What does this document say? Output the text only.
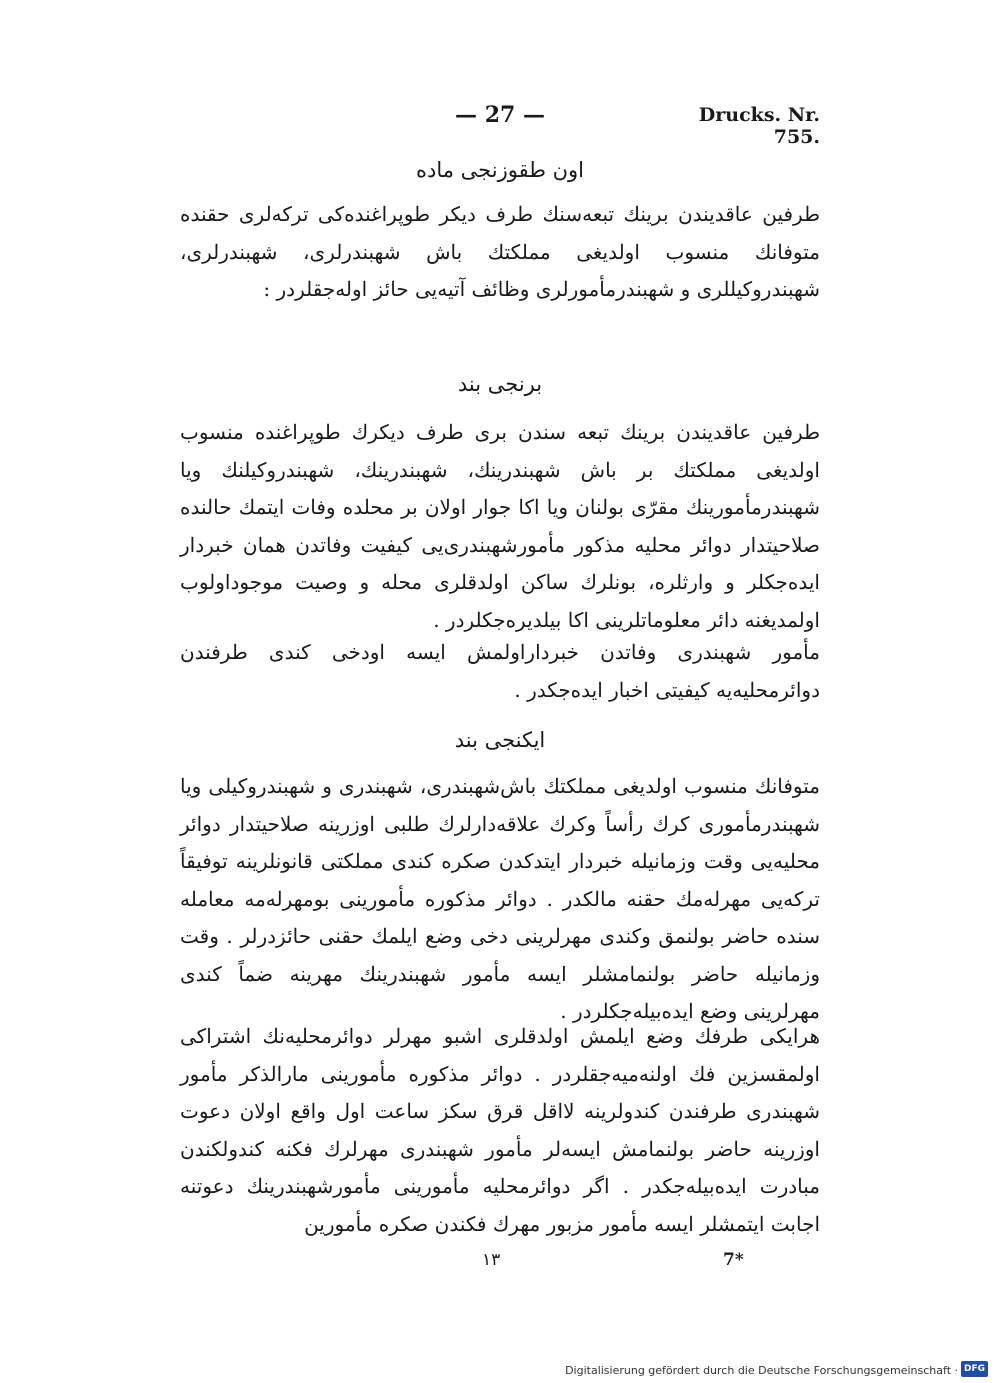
— 27 —	Drucks. Nr. 755.
اون طقوزنجی ماده
طرفین عاقدیندن برینك تبعه‌سنك طرف دیكر طوپراغنده‌كی تركه‌لری حقنده متوفانك منسوب اولدیغی مملكتك باش شهبندرلری، شهبندرلری، شهبندروكیللری و شهبندرمأمورلری وظائف آتیه‌یی حائز اوله‌جقلردر :
برنجی بند
طرفین عاقدیندن برینك تبعه سندن بری طرف دیكرك طوپراغنده منسوب اولدیغی مملكتك بر باش شهبندرینك، شهبندرینك، شهبندروكیلنك ویا شهبندرمأمورینك مقرّی بولنان ویا اكا جوار اولان بر محلده وفات ایتمك حالنده صلاحیتدار دوائر محلیه مذكور مأمورشهبندری‌یی كیفیت وفاتدن همان خبردار ایده‌جكلر و وارثلره، بونلرك ساكن اولدقلری محله و وصیت موجوداولوب اولمدیغنه دائر معلوماتلرینی اكا بیلدیره‌جكلردر .
مأمور شهبندری وفاتدن خبرداراولمش ایسه اودخی كندی طرفندن دوائرمحلیه‌یه كیفیتی اخبار ایده‌جكدر .
ایكنجی بند
متوفانك منسوب اولدیغی مملكتك باش‌شهبندری، شهبندری و شهبندروكیلی ویا شهبندرمأموری كرك رأساً وكرك علاقه‌دارلرك طلبی اوزرینه صلاحیتدار دوائر محلیه‌یی وقت وزمانیله خبردار ایتدكدن صكره كندی مملكتی قانونلرینه توفیقاً تركه‌یی مهرله‌مك حقنه مالكدر . دوائر مذكوره مأمورینی بومهرله‌مه معامله سنده حاضر بولنمق وكندی مهرلرینی دخی وضع ایلمك حقنی حائزدرلر . وقت وزمانیله حاضر بولنمامشلر ایسه مأمور شهبندرینك مهرینه ضماً كندی مهرلرینی وضع ایده‌بیله‌جكلردر .
هرایكی طرفك وضع ایلمش اولدقلری اشبو مهرلر دوائرمحلیه‌نك اشتراكی اولمقسزین فك اولنه‌میه‌جقلردر . دوائر مذكوره مأمورینی مارالذكر مأمور شهبندری طرفندن كندولرینه لااقل قرق سكز ساعت اول واقع اولان دعوت اوزرینه حاضر بولنمامش ایسه‌لر مأمور شهبندری مهرلرك فكنه كندولكندن مبادرت ایده‌بیله‌جكدر . اگر دوائرمحلیه مأمورینی مأمورشهبندرینك دعوتنه اجابت ایتمشلر ایسه مأمور مزبور مهرك فكندن صكره مأمورین
۱۳	7*
Digitalisierung gefördert durch die Deutsche Forschungsgemeinschaft · DFG
